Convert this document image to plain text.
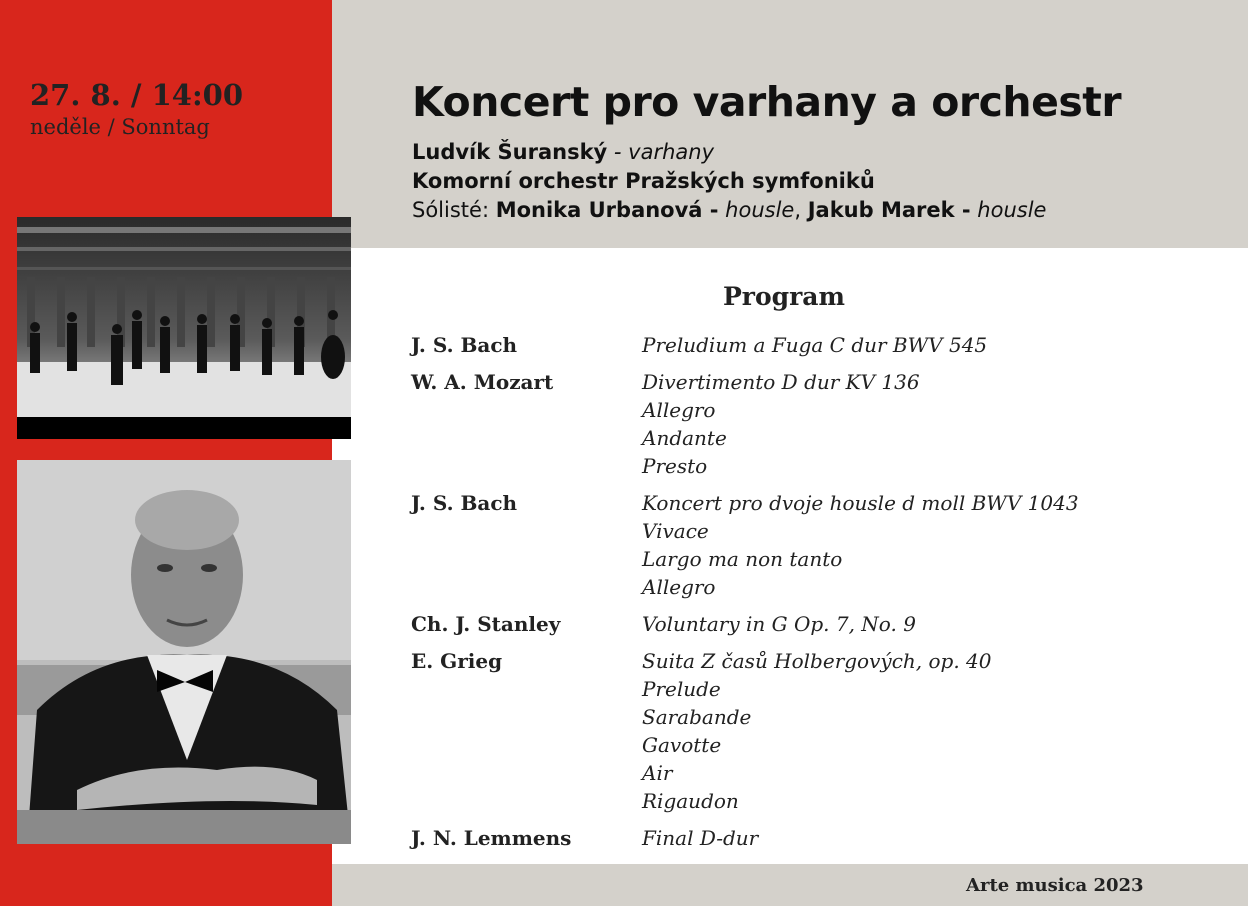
27. 8. / 14:00
neděle / Sonntag
Koncert pro varhany a orchestr
Ludvík Šuranský - varhany
Komorní orchestr Pražských symfoniků
Sólisté: Monika Urbanová - housle, Jakub Marek - housle
Program
J. S. Bach	Preludium a Fuga C dur BWV 545
W. A. Mozart	Divertimento D dur KV 136
Allegro
Andante
Presto
J. S. Bach	Koncert pro dvoje housle d moll BWV 1043
Vivace
Largo ma non tanto
Allegro
Ch. J. Stanley	Voluntary in G Op. 7, No. 9
E. Grieg	Suita Z časů Holbergových, op. 40
Prelude
Sarabande
Gavotte
Air
Rigaudon
J. N. Lemmens	Final D-dur
Arte musica 2023
